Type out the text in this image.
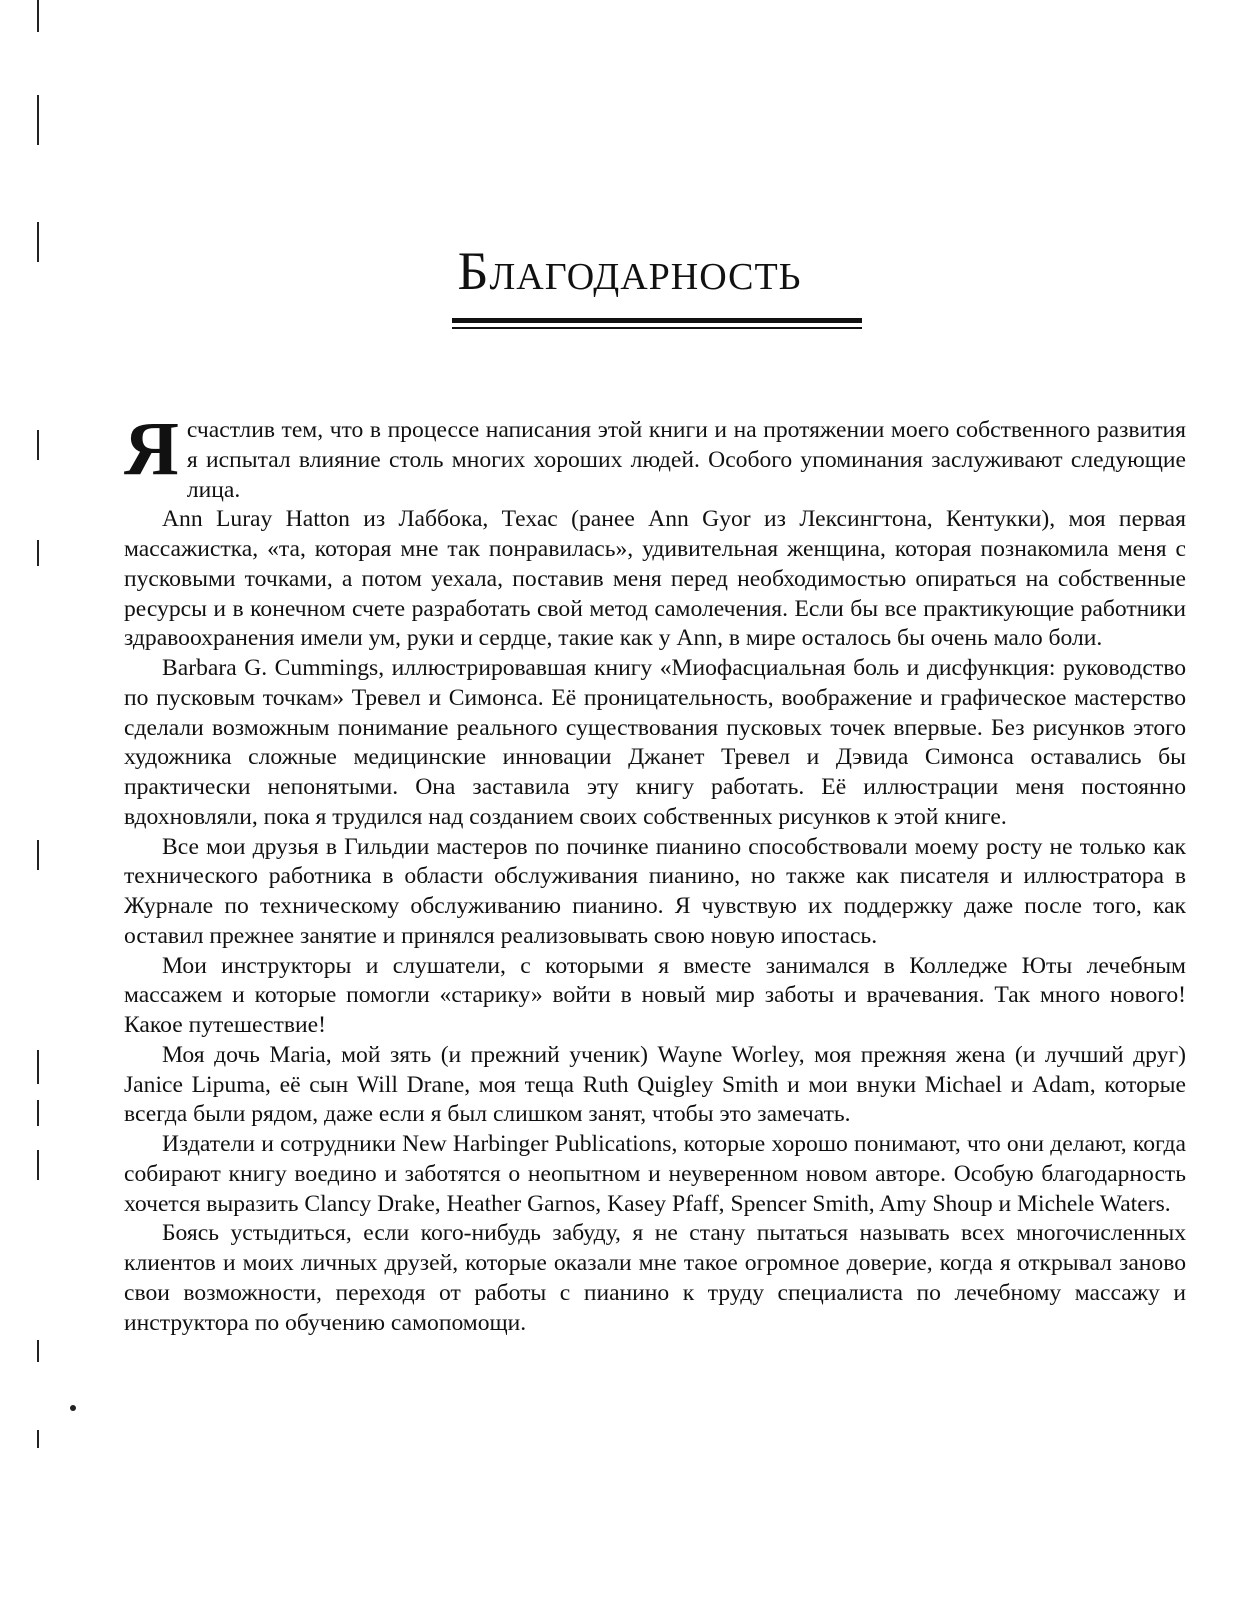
Благодарность

Ясчастлив тем, что в процессе написания этой книги и на протяжении моего собственного развития я испытал влияние столь многих хороших людей. Особого упоминания заслуживают следующие лица.

Ann Luray Hatton из Лаббока, Техас (ранее Ann Gyor из Лексингтона, Кентукки), моя первая массажистка, «та, которая мне так понравилась», удивительная женщина, которая познакомила меня с пусковыми точками, а потом уехала, поставив меня перед необходимостью опираться на собственные ресурсы и в конечном счете разработать свой метод самолечения. Если бы все практикующие работники здравоохранения имели ум, руки и сердце, такие как у Ann, в мире осталось бы очень мало боли.

Barbara G. Cummings, иллюстрировавшая книгу «Миофасциальная боль и дисфункция: руководство по пусковым точкам» Тревел и Симонса. Её проницательность, воображение и графическое мастерство сделали возможным понимание реального существования пусковых точек впервые. Без рисунков этого художника сложные медицинские инновации Джанет Тревел и Дэвида Симонса оставались бы практически непонятыми. Она заставила эту книгу работать. Её иллюстрации меня постоянно вдохновляли, пока я трудился над созданием своих собственных рисунков к этой книге.

Все мои друзья в Гильдии мастеров по починке пианино способствовали моему росту не только как технического работника в области обслуживания пианино, но также как писателя и иллюстратора в Журнале по техническому обслуживанию пианино. Я чувствую их поддержку даже после того, как оставил прежнее занятие и принялся реализовывать свою новую ипостась.

Мои инструкторы и слушатели, с которыми я вместе занимался в Колледже Юты лечебным массажем и которые помогли «старику» войти в новый мир заботы и врачевания. Так много нового! Какое путешествие!

Моя дочь Maria, мой зять (и прежний ученик) Wayne Worley, моя прежняя жена (и лучший друг) Janice Lipuma, её сын Will Drane, моя теща Ruth Quigley Smith и мои внуки Michael и Adam, которые всегда были рядом, даже если я был слишком занят, чтобы это замечать.

Издатели и сотрудники New Harbinger Publications, которые хорошо понимают, что они делают, когда собирают книгу воедино и заботятся о неопытном и неуверенном новом авторе. Особую благодарность хочется выразить Clancy Drake, Heather Garnos, Kasey Pfaff, Spencer Smith, Amy Shoup и Michele Waters.

Боясь устыдиться, если кого-нибудь забуду, я не стану пытаться называть всех многочисленных клиентов и моих личных друзей, которые оказали мне такое огромное доверие, когда я открывал заново свои возможности, переходя от работы с пианино к труду специалиста по лечебному массажу и инструктора по обучению самопомощи.
